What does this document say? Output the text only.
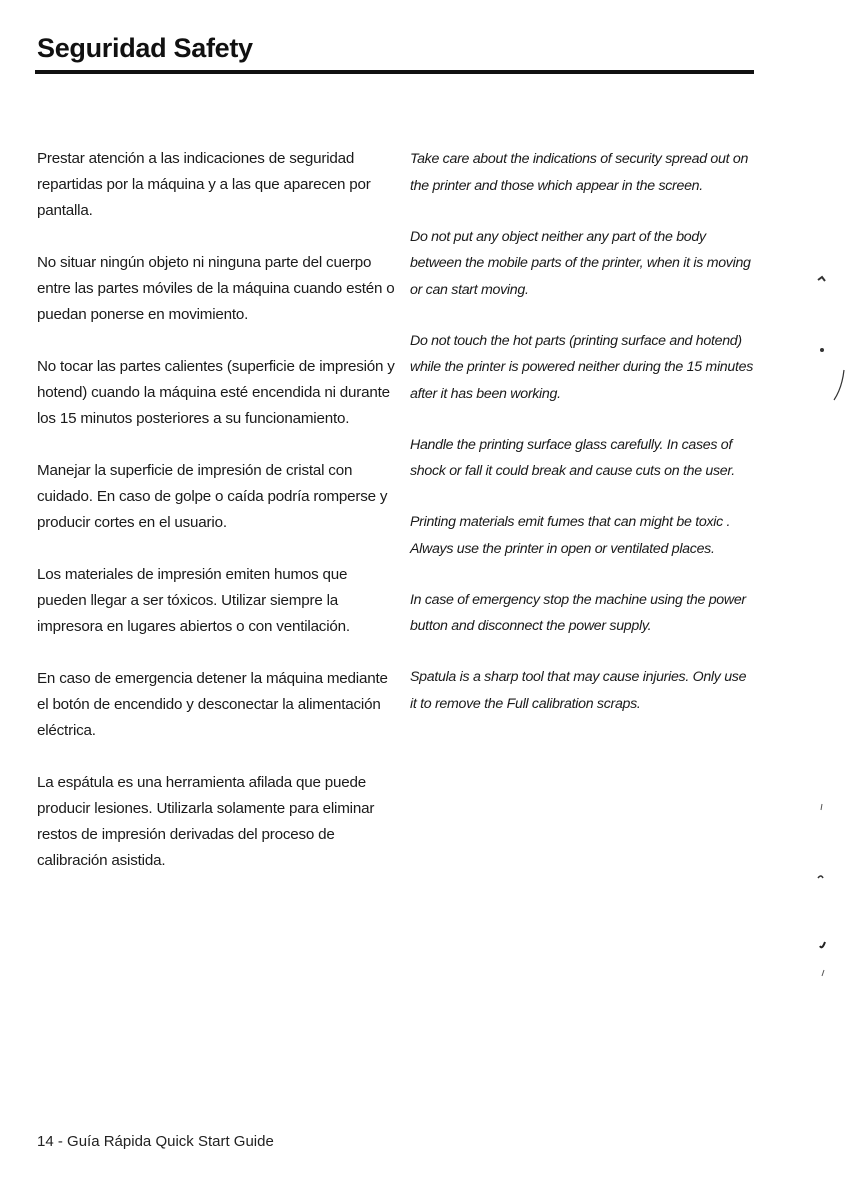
Seguridad Safety

Prestar atención a las indicaciones de seguridad repartidas por la máquina y a las que aparecen por pantalla.

No situar ningún objeto ni ninguna parte del cuerpo entre las partes móviles de la máquina cuando estén o puedan ponerse en movimiento.

No tocar las partes calientes (superficie de impresión y hotend) cuando la máquina esté encendida ni durante los 15 minutos posteriores a su funcionamiento.

Manejar la superficie de impresión de cristal con cuidado. En caso de golpe o caída podría romperse y producir cortes en el usuario.

Los materiales de impresión emiten humos que pueden llegar a ser tóxicos. Utilizar siempre la impresora en lugares abiertos o con ventilación.

En caso de emergencia detener la máquina mediante el botón de encendido y desconectar la alimentación eléctrica.

La espátula es una herramienta afilada que puede producir lesiones. Utilizarla solamente para eliminar restos de impresión derivadas del proceso de calibración asistida.

Take care about the indications of security spread out on the printer and those which appear in the screen.

Do not put any object neither any part of the body between the mobile parts of the printer, when it is moving or can start moving.

Do not touch the hot parts (printing surface and hotend) while the printer is powered neither during the 15 minutes after it has been working.

Handle the printing surface glass carefully. In cases of shock or fall it could break and cause cuts on the user.

Printing materials emit fumes that can might be toxic . Always use the printer in open or ventilated places.

In case of emergency stop the machine using the power button and disconnect the power supply.

Spatula is a sharp tool that may cause injuries. Only use it to remove the Full calibration scraps.

14 - Guía Rápida Quick Start Guide
